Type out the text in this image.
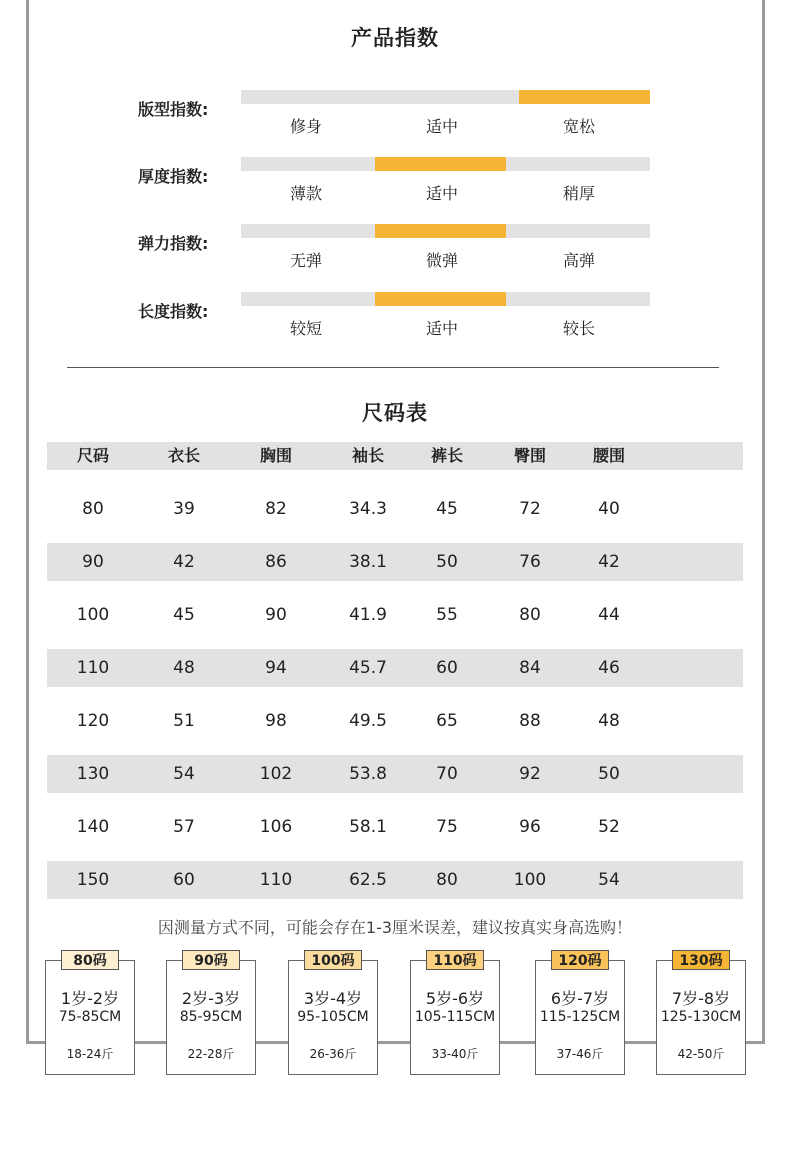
产品指数
版型指数:
修身	适中	宽松
厚度指数:
薄款	适中	稍厚
弹力指数:
无弹	微弹	高弹
长度指数:
较短	适中	较长
尺码表
尺码	衣长	胸围	袖长	裤长	臀围	腰围
80	39	82	34.3	45	72	40
90	42	86	38.1	50	76	42
100	45	90	41.9	55	80	44
110	48	94	45.7	60	84	46
120	51	98	49.5	65	88	48
130	54	102	53.8	70	92	50
140	57	106	58.1	75	96	52
150	60	110	62.5	80	100	54
因测量方式不同，可能会存在1-3厘米误差，建议按真实身高选购！
80码
1岁-2岁
75-85CM
18-24斤
90码
2岁-3岁
85-95CM
22-28斤
100码
3岁-4岁
95-105CM
26-36斤
110码
5岁-6岁
105-115CM
33-40斤
120码
6岁-7岁
115-125CM
37-46斤
130码
7岁-8岁
125-130CM
42-50斤
